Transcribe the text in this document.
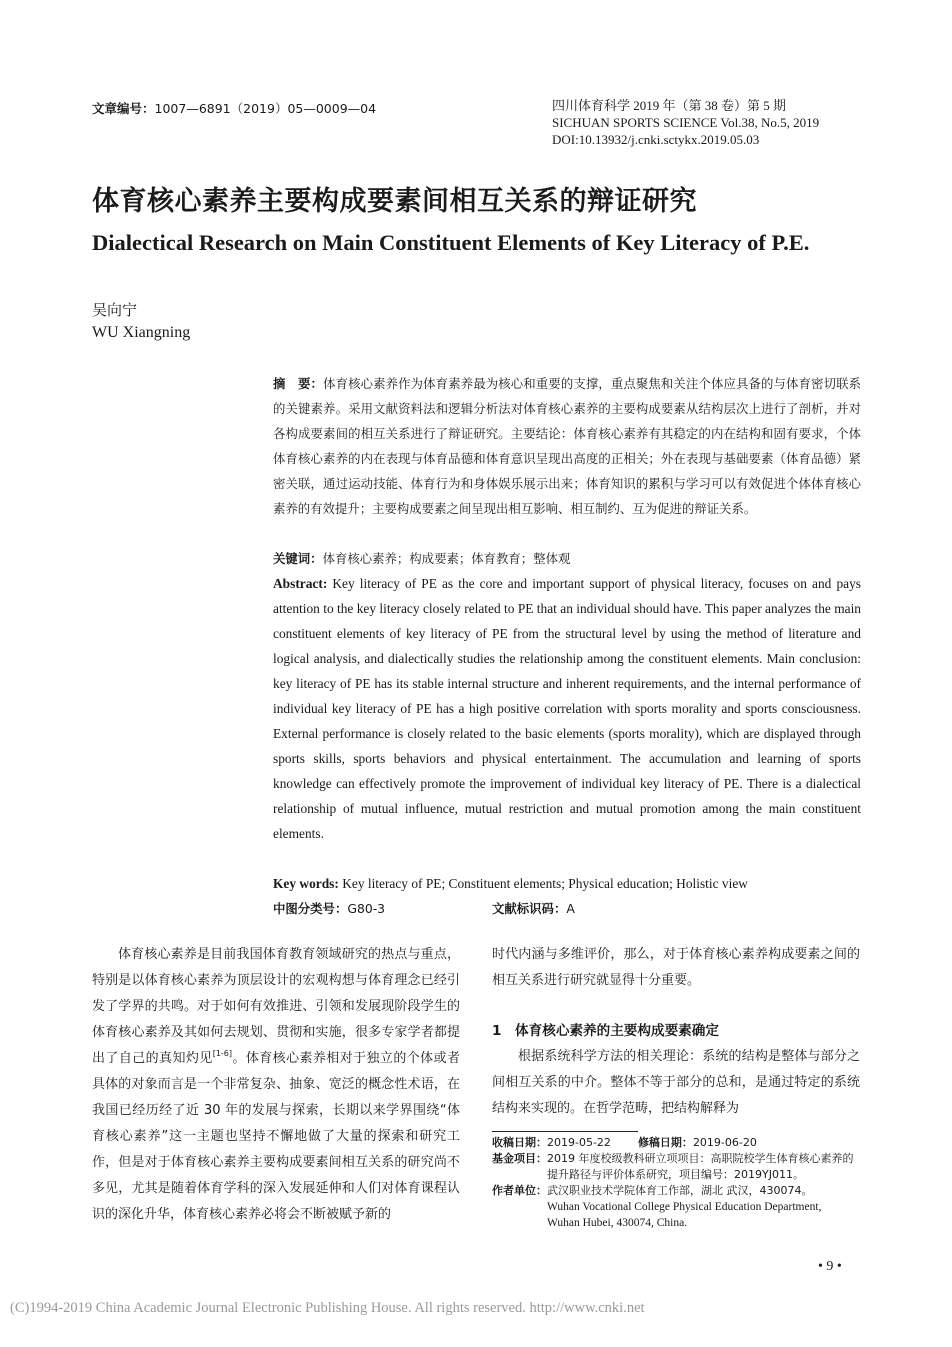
文章编号：1007—6891（2019）05—0009—04	四川体育科学 2019 年（第 38 卷）第 5 期
SICHUAN SPORTS SCIENCE Vol.38, No.5, 2019
DOI:10.13932/j.cnki.sctykx.2019.05.03
体育核心素养主要构成要素间相互关系的辩证研究
Dialectical Research on Main Constituent Elements of Key Literacy of P.E.
吴向宁
WU Xiangning
摘　要：体育核心素养作为体育素养最为核心和重要的支撑，重点聚焦和关注个体应具备的与体育密切联系的关键素养。采用文献资料法和逻辑分析法对体育核心素养的主要构成要素从结构层次上进行了剖析，并对各构成要素间的相互关系进行了辩证研究。主要结论：体育核心素养有其稳定的内在结构和固有要求，个体体育核心素养的内在表现与体育品德和体育意识呈现出高度的正相关；外在表现与基础要素（体育品德）紧密关联，通过运动技能、体育行为和身体娱乐展示出来；体育知识的累积与学习可以有效促进个体体育核心素养的有效提升；主要构成要素之间呈现出相互影响、相互制约、互为促进的辩证关系。
关键词：体育核心素养；构成要素；体育教育；整体观
Abstract: Key literacy of PE as the core and important support of physical literacy, focuses on and pays attention to the key literacy closely related to PE that an individual should have. This paper analyzes the main constituent elements of key literacy of PE from the structural level by using the method of literature and logical analysis, and dialectically studies the relationship among the constituent elements. Main conclusion: key literacy of PE has its stable internal structure and inherent requirements, and the internal performance of individual key literacy of PE has a high positive correlation with sports morality and sports consciousness. External performance is closely related to the basic elements (sports morality), which are displayed through sports skills, sports behaviors and physical entertainment. The accumulation and learning of sports knowledge can effectively promote the improvement of individual key literacy of PE. There is a dialectical relationship of mutual influence, mutual restriction and mutual promotion among the main constituent elements.
Key words: Key literacy of PE; Constituent elements; Physical education; Holistic view
中图分类号：G80-3	文献标识码：A
体育核心素养是目前我国体育教育领域研究的热点与重点，特别是以体育核心素养为顶层设计的宏观构想与体育理念已经引发了学界的共鸣。对于如何有效推进、引领和发展现阶段学生的体育核心素养及其如何去规划、贯彻和实施，很多专家学者都提出了自己的真知灼见[1-6]。体育核心素养相对于独立的个体或者具体的对象而言是一个非常复杂、抽象、宽泛的概念性术语，在我国已经历经了近 30 年的发展与探索，长期以来学界围绕“体育核心素养”这一主题也坚持不懈地做了大量的探索和研究工作，但是对于体育核心素养主要构成要素间相互关系的研究尚不多见，尤其是随着体育学科的深入发展延伸和人们对体育课程认识的深化升华，体育核心素养必将会不断被赋予新的
时代内涵与多维评价，那么，对于体育核心素养构成要素之间的相互关系进行研究就显得十分重要。
1　体育核心素养的主要构成要素确定
根据系统科学方法的相关理论：系统的结构是整体与部分之间相互关系的中介。整体不等于部分的总和，是通过特定的系统结构来实现的。在哲学范畴，把结构解释为
收稿日期：2019-05-22 修稿日期：2019-06-20
基金项目： 2019 年度校级教科研立项项目：高职院校学生体育核心素养的提升路径与评价体系研究，项目编号：2019YJ011。
作者单位： 武汉职业技术学院体育工作部，湖北 武汉，430074。
Wuhan Vocational College Physical Education Department,
Wuhan Hubei, 430074, China.
• 9 •
(C)1994-2019 China Academic Journal Electronic Publishing House. All rights reserved. http://www.cnki.net
